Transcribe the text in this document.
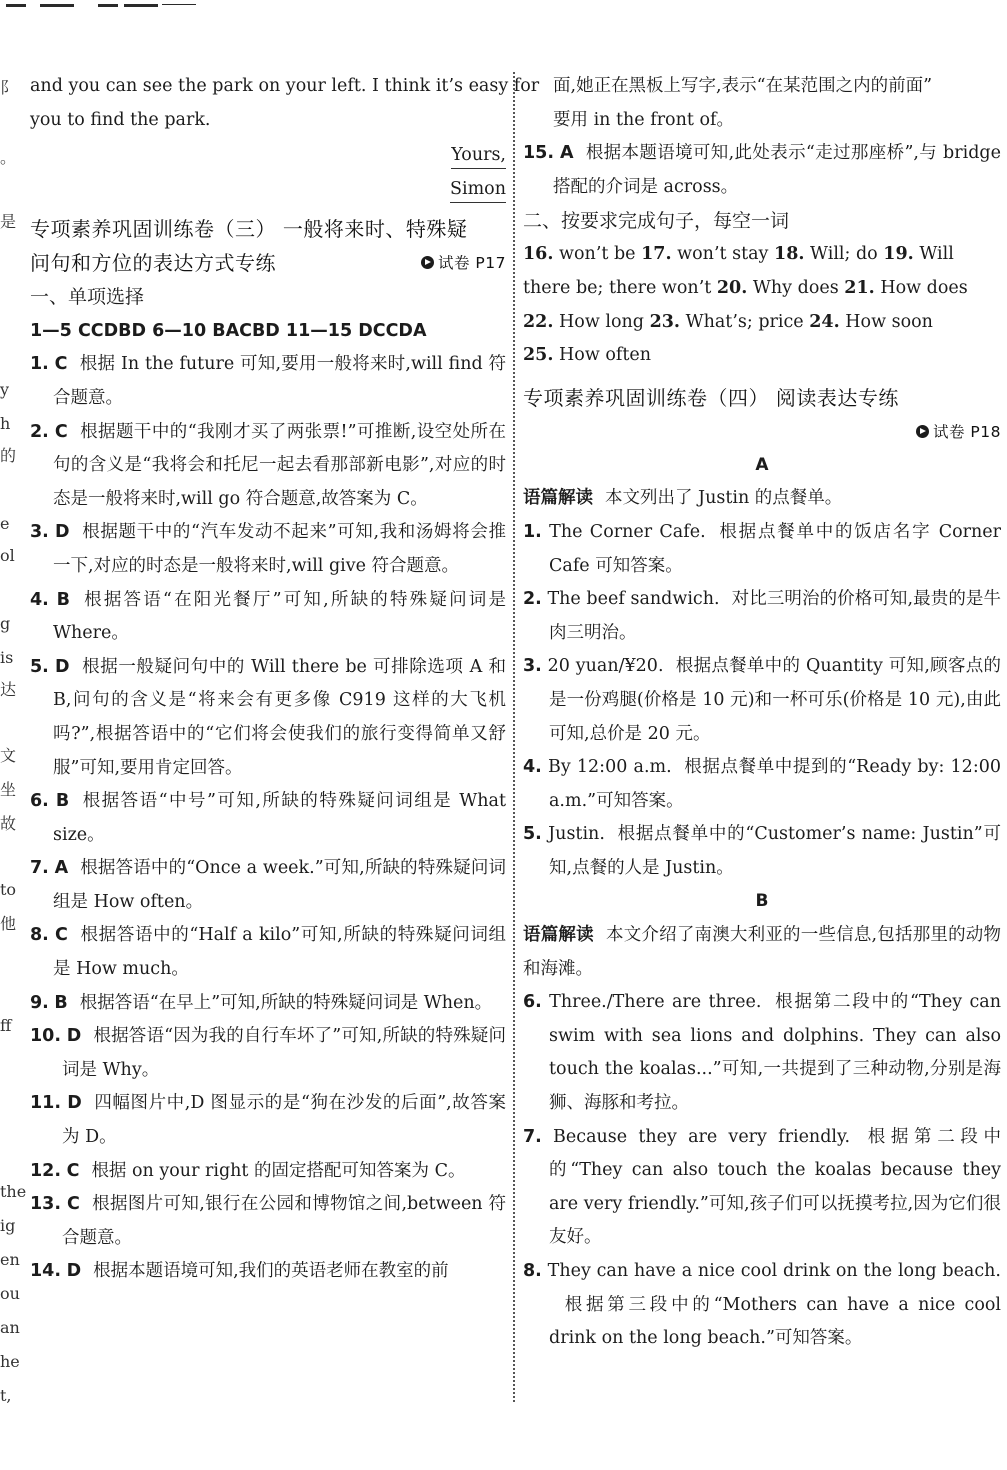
阝
。
是
y
h
的
e
ol
g
is
达
文
坐
故
to
他
ff
the
ig
en
ou
an
he
t,
and you can see the park on your left. I think it’s easy for
you to find the park.
Yours,
Simon
专项素养巩固训练卷（三） 一般将来时、特殊疑
问句和方位的表达方式专练	试卷 P17
一、单项选择
1—5 CCDBD 6—10 BACBD 11—15 DCCDA
1. C 根据 In the future 可知,要用一般将来时,will find 符合题意。
2. C 根据题干中的“我刚才买了两张票!”可推断,设空处所在句的含义是“我将会和托尼一起去看那部新电影”,对应的时态是一般将来时,will go 符合题意,故答案为 C。
3. D 根据题干中的“汽车发动不起来”可知,我和汤姆将会推一下,对应的时态是一般将来时,will give 符合题意。
4. B 根据答语“在阳光餐厅”可知,所缺的特殊疑问词是 Where。
5. D 根据一般疑问句中的 Will there be 可排除选项 A 和 B,问句的含义是“将来会有更多像 C919 这样的大飞机吗?”,根据答语中的“它们将会使我们的旅行变得简单又舒服”可知,要用肯定回答。
6. B 根据答语“中号”可知,所缺的特殊疑问词组是 What size。
7. A 根据答语中的“Once a week.”可知,所缺的特殊疑问词组是 How often。
8. C 根据答语中的“Half a kilo”可知,所缺的特殊疑问词组是 How much。
9. B 根据答语“在早上”可知,所缺的特殊疑问词是 When。
10. D 根据答语“因为我的自行车坏了”可知,所缺的特殊疑问词是 Why。
11. D 四幅图片中,D 图显示的是“狗在沙发的后面”,故答案为 D。
12. C 根据 on your right 的固定搭配可知答案为 C。
13. C 根据图片可知,银行在公园和博物馆之间,between 符合题意。
14. D 根据本题语境可知,我们的英语老师在教室的前
面,她正在黑板上写字,表示“在某范围之内的前面”
要用 in the front of。
15. A 根据本题语境可知,此处表示“走过那座桥”,与 bridge 搭配的介词是 across。
二、按要求完成句子，每空一词
16. won’t be 17. won’t stay 18. Will; do 19. Will
there be; there won’t 20. Why does 21. How does
22. How long 23. What’s; price 24. How soon
25. How often
专项素养巩固训练卷（四） 阅读表达专练
试卷 P18
A
语篇解读 本文列出了 Justin 的点餐单。
1. The Corner Cafe. 根据点餐单中的饭店名字 Corner Cafe 可知答案。
2. The beef sandwich. 对比三明治的价格可知,最贵的是牛肉三明治。
3. 20 yuan/¥20. 根据点餐单中的 Quantity 可知,顾客点的是一份鸡腿(价格是 10 元)和一杯可乐(价格是 10 元),由此可知,总价是 20 元。
4. By 12:00 a.m. 根据点餐单中提到的“Ready by: 12:00 a.m.”可知答案。
5. Justin. 根据点餐单中的“Customer’s name: Justin”可知,点餐的人是 Justin。
B
语篇解读 本文介绍了南澳大利亚的一些信息,包括那里的动物和海滩。
6. Three./There are three. 根据第二段中的“They can swim with sea lions and dolphins. They can also touch the koalas...”可知,一共提到了三种动物,分别是海狮、海豚和考拉。
7. Because they are very friendly. 根据第二段中的“They can also touch the koalas because they are very friendly.”可知,孩子们可以抚摸考拉,因为它们很友好。
8. They can have a nice cool drink on the long beach.根据第三段中的“Mothers can have a nice cool drink on the long beach.”可知答案。
